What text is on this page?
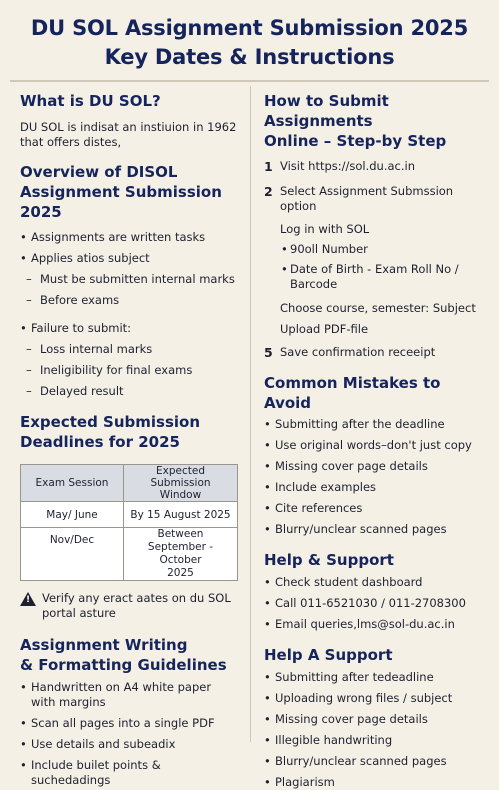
DU SOL Assignment Submission 2025
Key Dates & Instructions
What is DU SOL?

DU SOL is indisat an instiuion in 1962

that offers distes,

Overview of DISOL
Assignment Submission 2025
• Assignments are written tasks
• Applies atios subject
– Must be submitten internal marks
– Before exams
• Failure to submit:
– Loss internal marks
– Ineligibility for final exams
– Delayed result
Expected Submission
Deadlines for 2025
Exam Session	Expected Submission
Window

May/ June	By 15 August 2025
Nov/Dec	Between
September - October
2025
!
Verify any eract aates on du SOL
portal asture
Assignment Writing
& Formatting Guidelines
• Handwritten on A4 white paper
with margins
• Scan all pages into a single PDF
• Use details and subeadix
• Include builet points & suchedadings
How to Submit Assignments
Online – Step-by Step
1 Visit https://sol.du.ac.in
2 Select Assignment Submssion option
Log in with SOL
• 90oll Number
• Date of Birth - Exam Roll No / Barcode
Choose course, semester: Subject
Upload PDF-file
5 Save confirmation receeipt
Common Mistakes to Avoid
• Submitting after the deadline
• Use original words–don't just copy
• Missing cover page details
• Include examples
• Cite references
• Blurry/unclear scanned pages
Help & Support
• Check student dashboard
• Call 011-6521030 / 011-2708300
• Email queries,lms@sol-du.ac.in
Help A Support
• Submitting after tedeadline
• Uploading wrong files / subject
• Missing cover page details
• Illegible handwriting
• Blurry/unclear scanned pages
• Plagiarism
